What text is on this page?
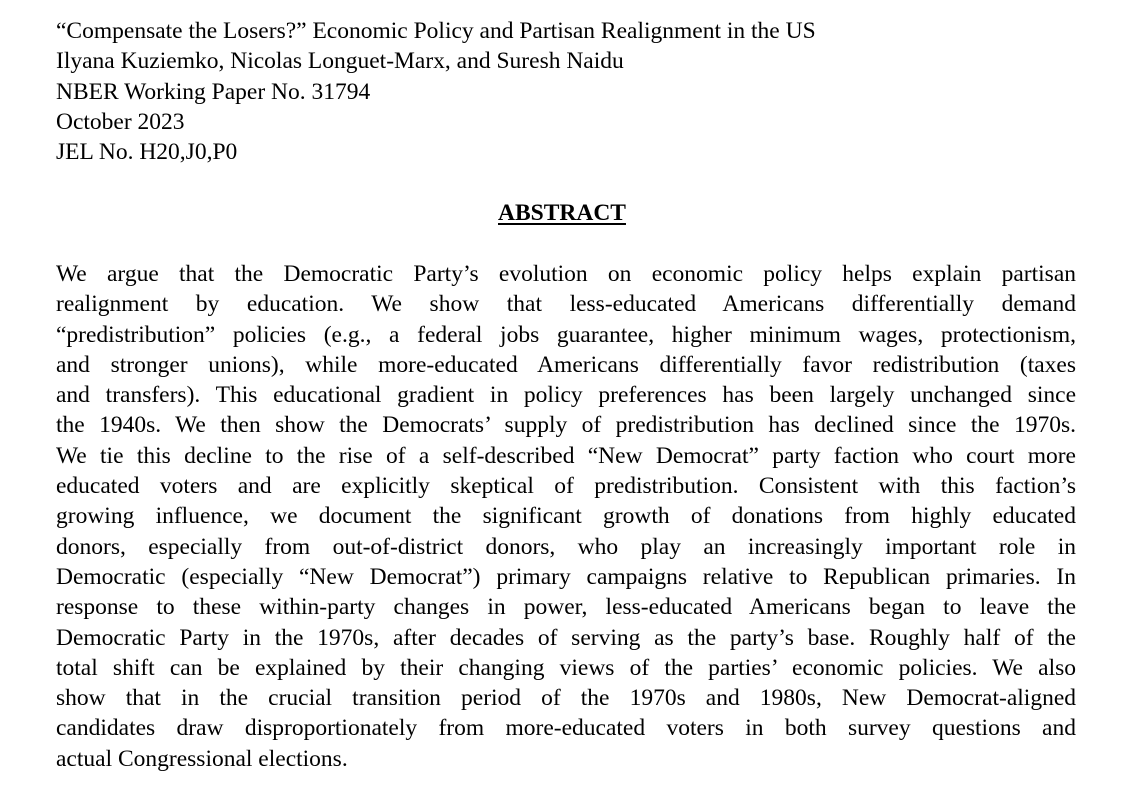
“Compensate the Losers?” Economic Policy and Partisan Realignment in the US
Ilyana Kuziemko, Nicolas Longuet-Marx, and Suresh Naidu
NBER Working Paper No. 31794
October 2023
JEL No. H20,J0,P0
ABSTRACT
We argue that the Democratic Party’s evolution on economic policy helps explain partisan
realignment by education. We show that less-educated Americans differentially demand
“predistribution” policies (e.g., a federal jobs guarantee, higher minimum wages, protectionism,
and stronger unions), while more-educated Americans differentially favor redistribution (taxes
and transfers). This educational gradient in policy preferences has been largely unchanged since
the 1940s. We then show the Democrats’ supply of predistribution has declined since the 1970s.
We tie this decline to the rise of a self-described “New Democrat” party faction who court more
educated voters and are explicitly skeptical of predistribution. Consistent with this faction’s
growing influence, we document the significant growth of donations from highly educated
donors, especially from out-of-district donors, who play an increasingly important role in
Democratic (especially “New Democrat”) primary campaigns relative to Republican primaries. In
response to these within-party changes in power, less-educated Americans began to leave the
Democratic Party in the 1970s, after decades of serving as the party’s base. Roughly half of the
total shift can be explained by their changing views of the parties’ economic policies. We also
show that in the crucial transition period of the 1970s and 1980s, New Democrat-aligned
candidates draw disproportionately from more-educated voters in both survey questions and
actual Congressional elections.
